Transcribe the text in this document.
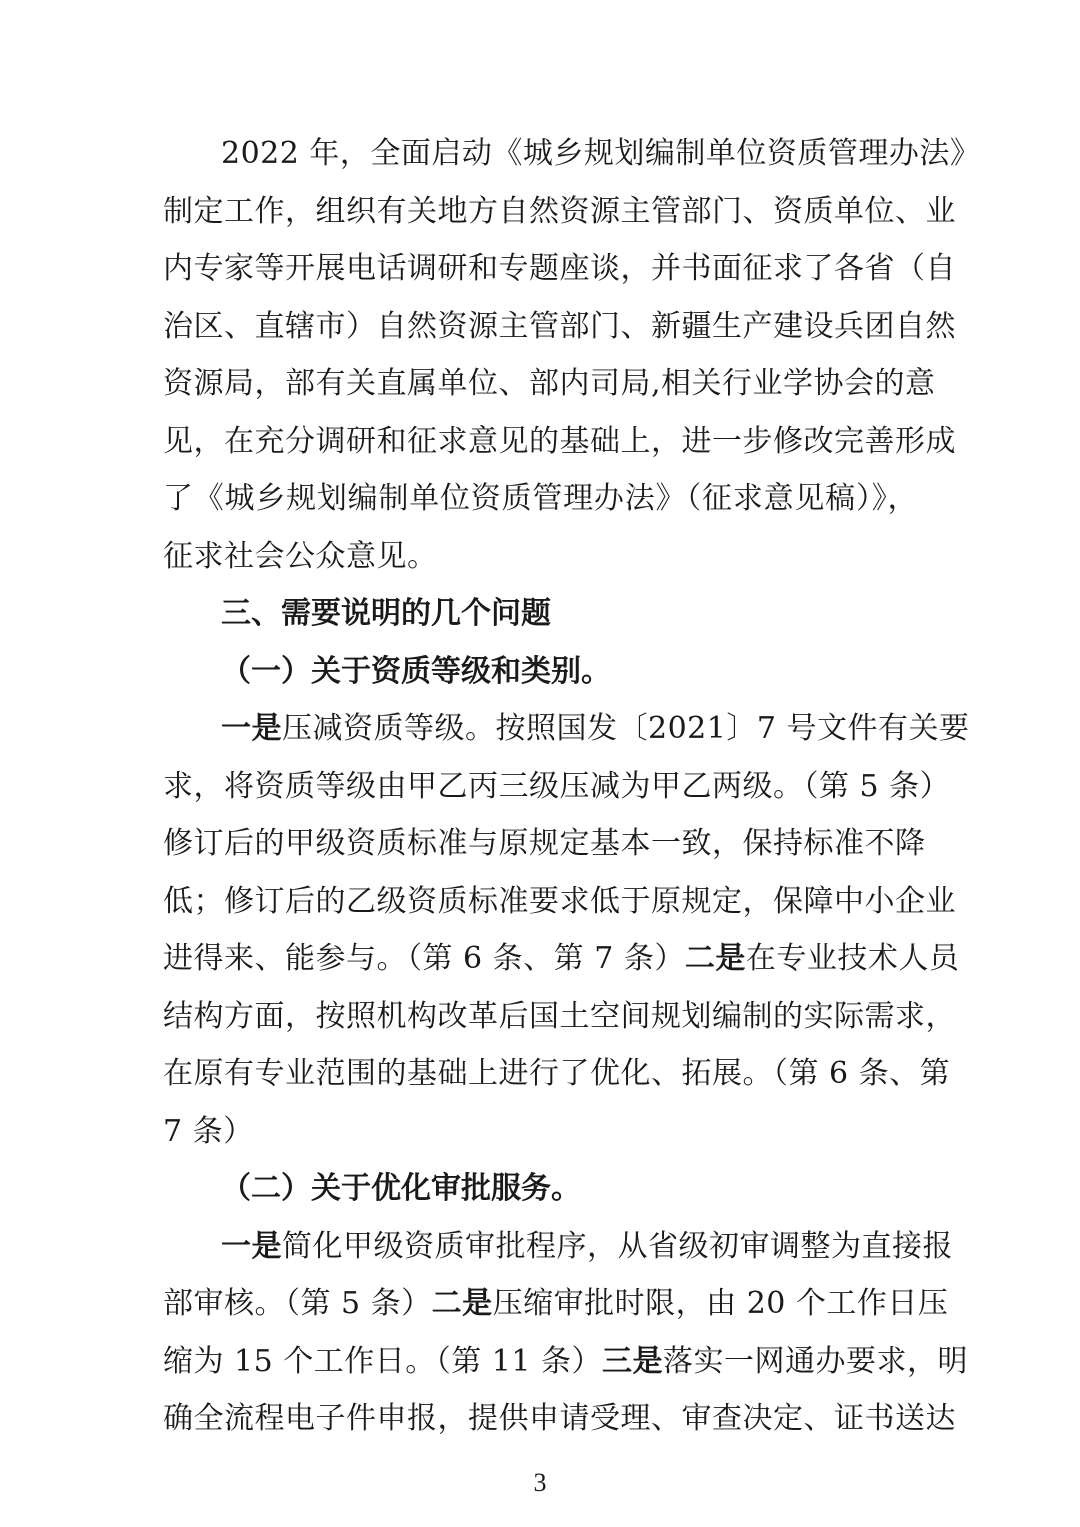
2022 年，全面启动《城乡规划编制单位资质管理办法》
制定工作，组织有关地方自然资源主管部门、资质单位、业
内专家等开展电话调研和专题座谈，并书面征求了各省（自
治区、直辖市）自然资源主管部门、新疆生产建设兵团自然
资源局，部有关直属单位、部内司局,相关行业学协会的意
见，在充分调研和征求意见的基础上，进一步修改完善形成
了《城乡规划编制单位资质管理办法》（征求意见稿）》，
征求社会公众意见。
三、需要说明的几个问题
（一）关于资质等级和类别。
一是压减资质等级。按照国发〔2021〕7 号文件有关要
求，将资质等级由甲乙丙三级压减为甲乙两级。（第 5 条）
修订后的甲级资质标准与原规定基本一致，保持标准不降
低；修订后的乙级资质标准要求低于原规定，保障中小企业
进得来、能参与。（第 6 条、第 7 条）二是在专业技术人员
结构方面，按照机构改革后国土空间规划编制的实际需求，
在原有专业范围的基础上进行了优化、拓展。（第 6 条、第
7 条）
（二）关于优化审批服务。
一是简化甲级资质审批程序，从省级初审调整为直接报
部审核。（第 5 条）二是压缩审批时限，由 20 个工作日压
缩为 15 个工作日。（第 11 条）三是落实一网通办要求，明
确全流程电子件申报，提供申请受理、审查决定、证书送达
3
